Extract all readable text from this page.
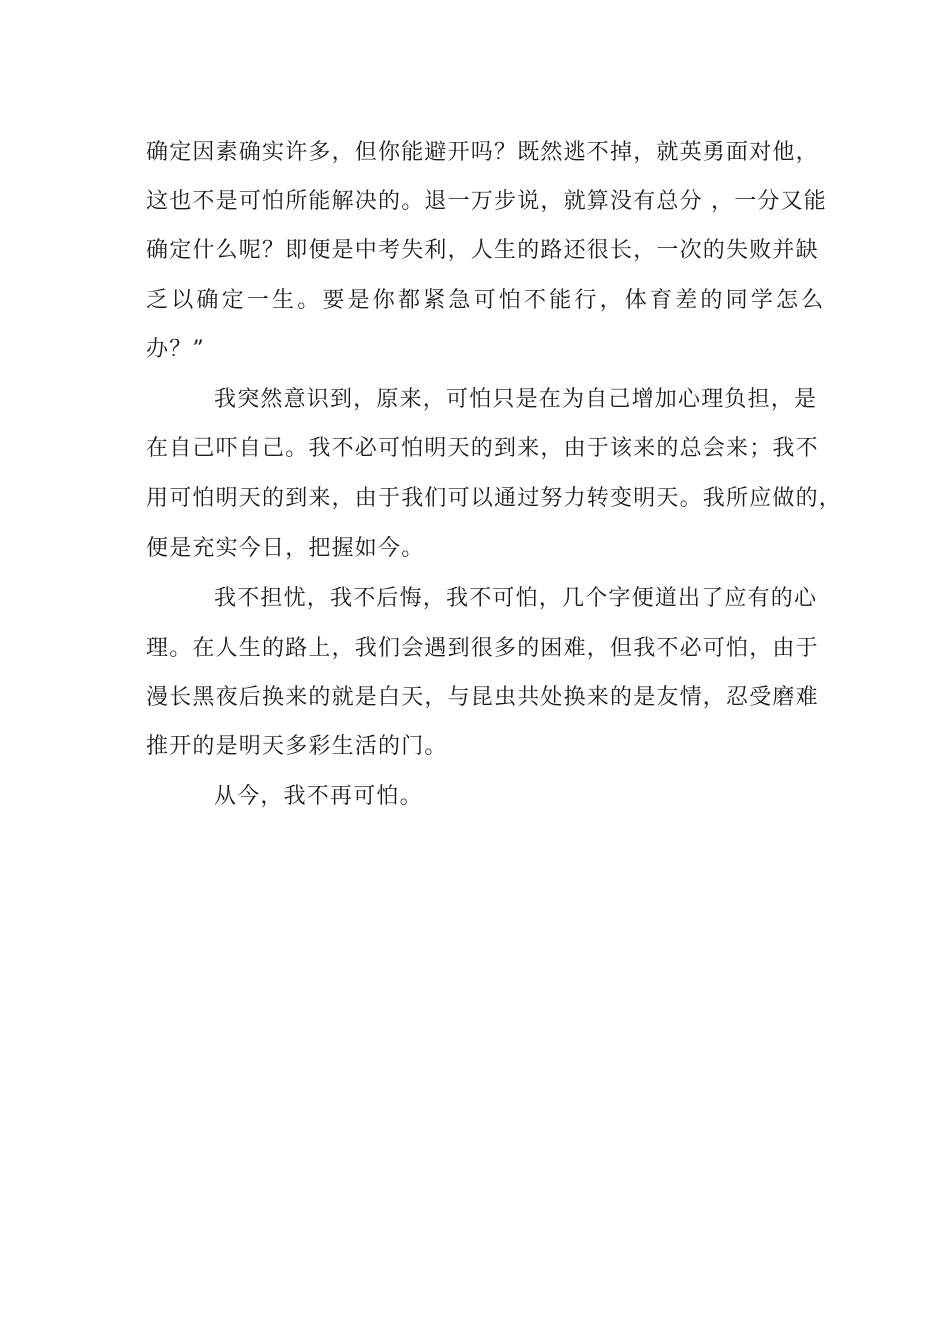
确定因素确实许多，但你能避开吗？既然逃不掉，就英勇面对他，
这也不是可怕所能解决的。退一万步说，就算没有总分 ，一分又能
确定什么呢？即便是中考失利，人生的路还很长，一次的失败并缺
乏以确定一生。要是你都紧急可怕不能行，体育差的同学怎么
办？”
我突然意识到，原来，可怕只是在为自己增加心理负担，是
在自己吓自己。我不必可怕明天的到来，由于该来的总会来；我不
用可怕明天的到来，由于我们可以通过努力转变明天。我所应做的，
便是充实今日，把握如今。
我不担忧，我不后悔，我不可怕，几个字便道出了应有的心
理。在人生的路上，我们会遇到很多的困难，但我不必可怕，由于
漫长黑夜后换来的就是白天，与昆虫共处换来的是友情，忍受磨难
推开的是明天多彩生活的门。
从今，我不再可怕。
